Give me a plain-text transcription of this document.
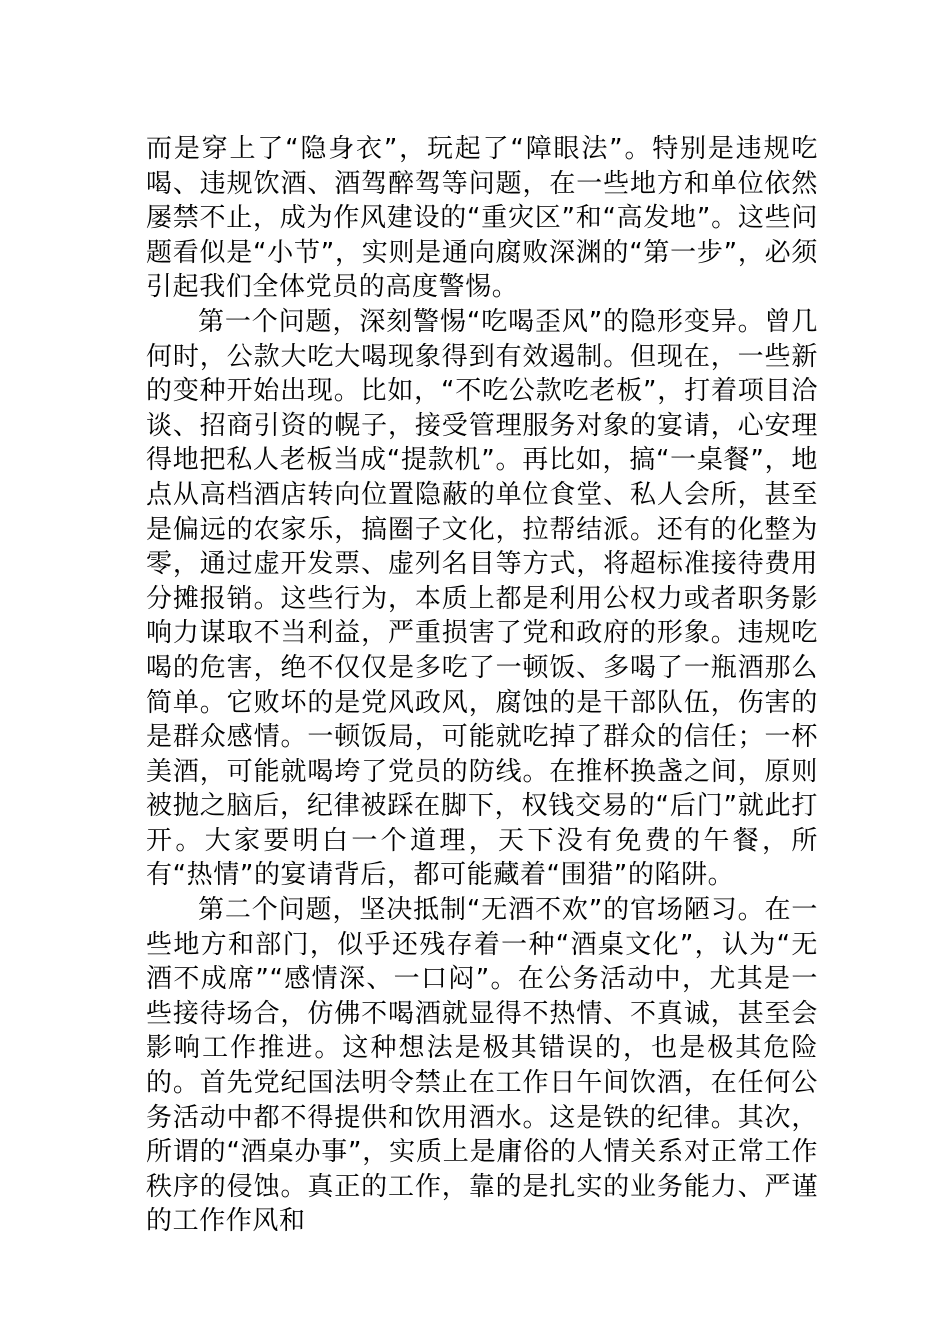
而是穿上了“隐身衣”，玩起了“障眼法”。特别是违规吃喝、违规饮酒、酒驾醉驾等问题，在一些地方和单位依然屡禁不止，成为作风建设的“重灾区”和“高发地”。这些问题看似是“小节”，实则是通向腐败深渊的“第一步”，必须引起我们全体党员的高度警惕。

第一个问题，深刻警惕“吃喝歪风”的隐形变异。曾几何时，公款大吃大喝现象得到有效遏制。但现在，一些新的变种开始出现。比如，“不吃公款吃老板”，打着项目洽谈、招商引资的幌子，接受管理服务对象的宴请，心安理得地把私人老板当成“提款机”。再比如，搞“一桌餐”，地点从高档酒店转向位置隐蔽的单位食堂、私人会所，甚至是偏远的农家乐，搞圈子文化，拉帮结派。还有的化整为零，通过虚开发票、虚列名目等方式，将超标准接待费用分摊报销。这些行为，本质上都是利用公权力或者职务影响力谋取不当利益，严重损害了党和政府的形象。违规吃喝的危害，绝不仅仅是多吃了一顿饭、多喝了一瓶酒那么简单。它败坏的是党风政风，腐蚀的是干部队伍，伤害的是群众感情。一顿饭局，可能就吃掉了群众的信任；一杯美酒，可能就喝垮了党员的防线。在推杯换盏之间，原则被抛之脑后，纪律被踩在脚下，权钱交易的“后门”就此打开。大家要明白一个道理，天下没有免费的午餐，所有“热情”的宴请背后，都可能藏着“围猎”的陷阱。

第二个问题，坚决抵制“无酒不欢”的官场陋习。在一些地方和部门，似乎还残存着一种“酒桌文化”，认为“无酒不成席”“感情深、一口闷”。在公务活动中，尤其是一些接待场合，仿佛不喝酒就显得不热情、不真诚，甚至会影响工作推进。这种想法是极其错误的，也是极其危险的。首先党纪国法明令禁止在工作日午间饮酒，在任何公务活动中都不得提供和饮用酒水。这是铁的纪律。其次，所谓的“酒桌办事”，实质上是庸俗的人情关系对正常工作秩序的侵蚀。真正的工作，靠的是扎实的业务能力、严谨的工作作风和
